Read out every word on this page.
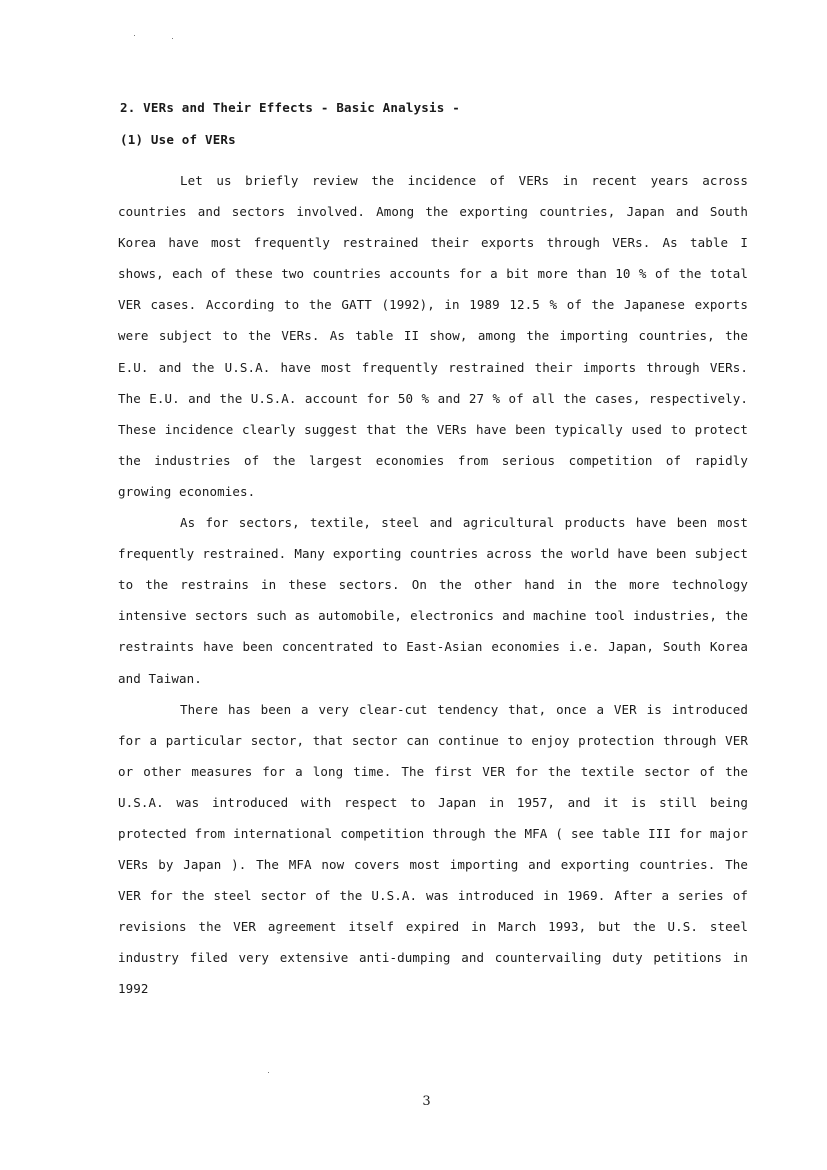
2. VERs and Their Effects - Basic Analysis -
(1) Use of VERs

Let us briefly review the incidence of VERs in recent years across countries and sectors involved. Among the exporting countries, Japan and South Korea have most frequently restrained their exports through VERs. As table I shows, each of these two countries accounts for a bit more than 10 % of the total VER cases. According to the GATT (1992), in 1989 12.5 % of the Japanese exports were subject to the VERs. As table II show, among the importing countries, the E.U. and the U.S.A. have most frequently restrained their imports through VERs. The E.U. and the U.S.A. account for 50 % and 27 % of all the cases, respectively. These incidence clearly suggest that the VERs have been typically used to protect the industries of the largest economies from serious competition of rapidly growing economies.

As for sectors, textile, steel and agricultural products have been most frequently restrained. Many exporting countries across the world have been subject to the restrains in these sectors. On the other hand in the more technology intensive sectors such as automobile, electronics and machine tool industries, the restraints have been concentrated to East-Asian economies i.e. Japan, South Korea and Taiwan.

There has been a very clear-cut tendency that, once a VER is introduced for a particular sector, that sector can continue to enjoy protection through VER or other measures for a long time. The first VER for the textile sector of the U.S.A. was introduced with respect to Japan in 1957, and it is still being protected from international competition through the MFA ( see table III for major VERs by Japan ). The MFA now covers most importing and exporting countries. The VER for the steel sector of the U.S.A. was introduced in 1969. After a series of revisions the VER agreement itself expired in March 1993, but the U.S. steel industry filed very extensive anti-dumping and countervailing duty petitions in 1992

3
